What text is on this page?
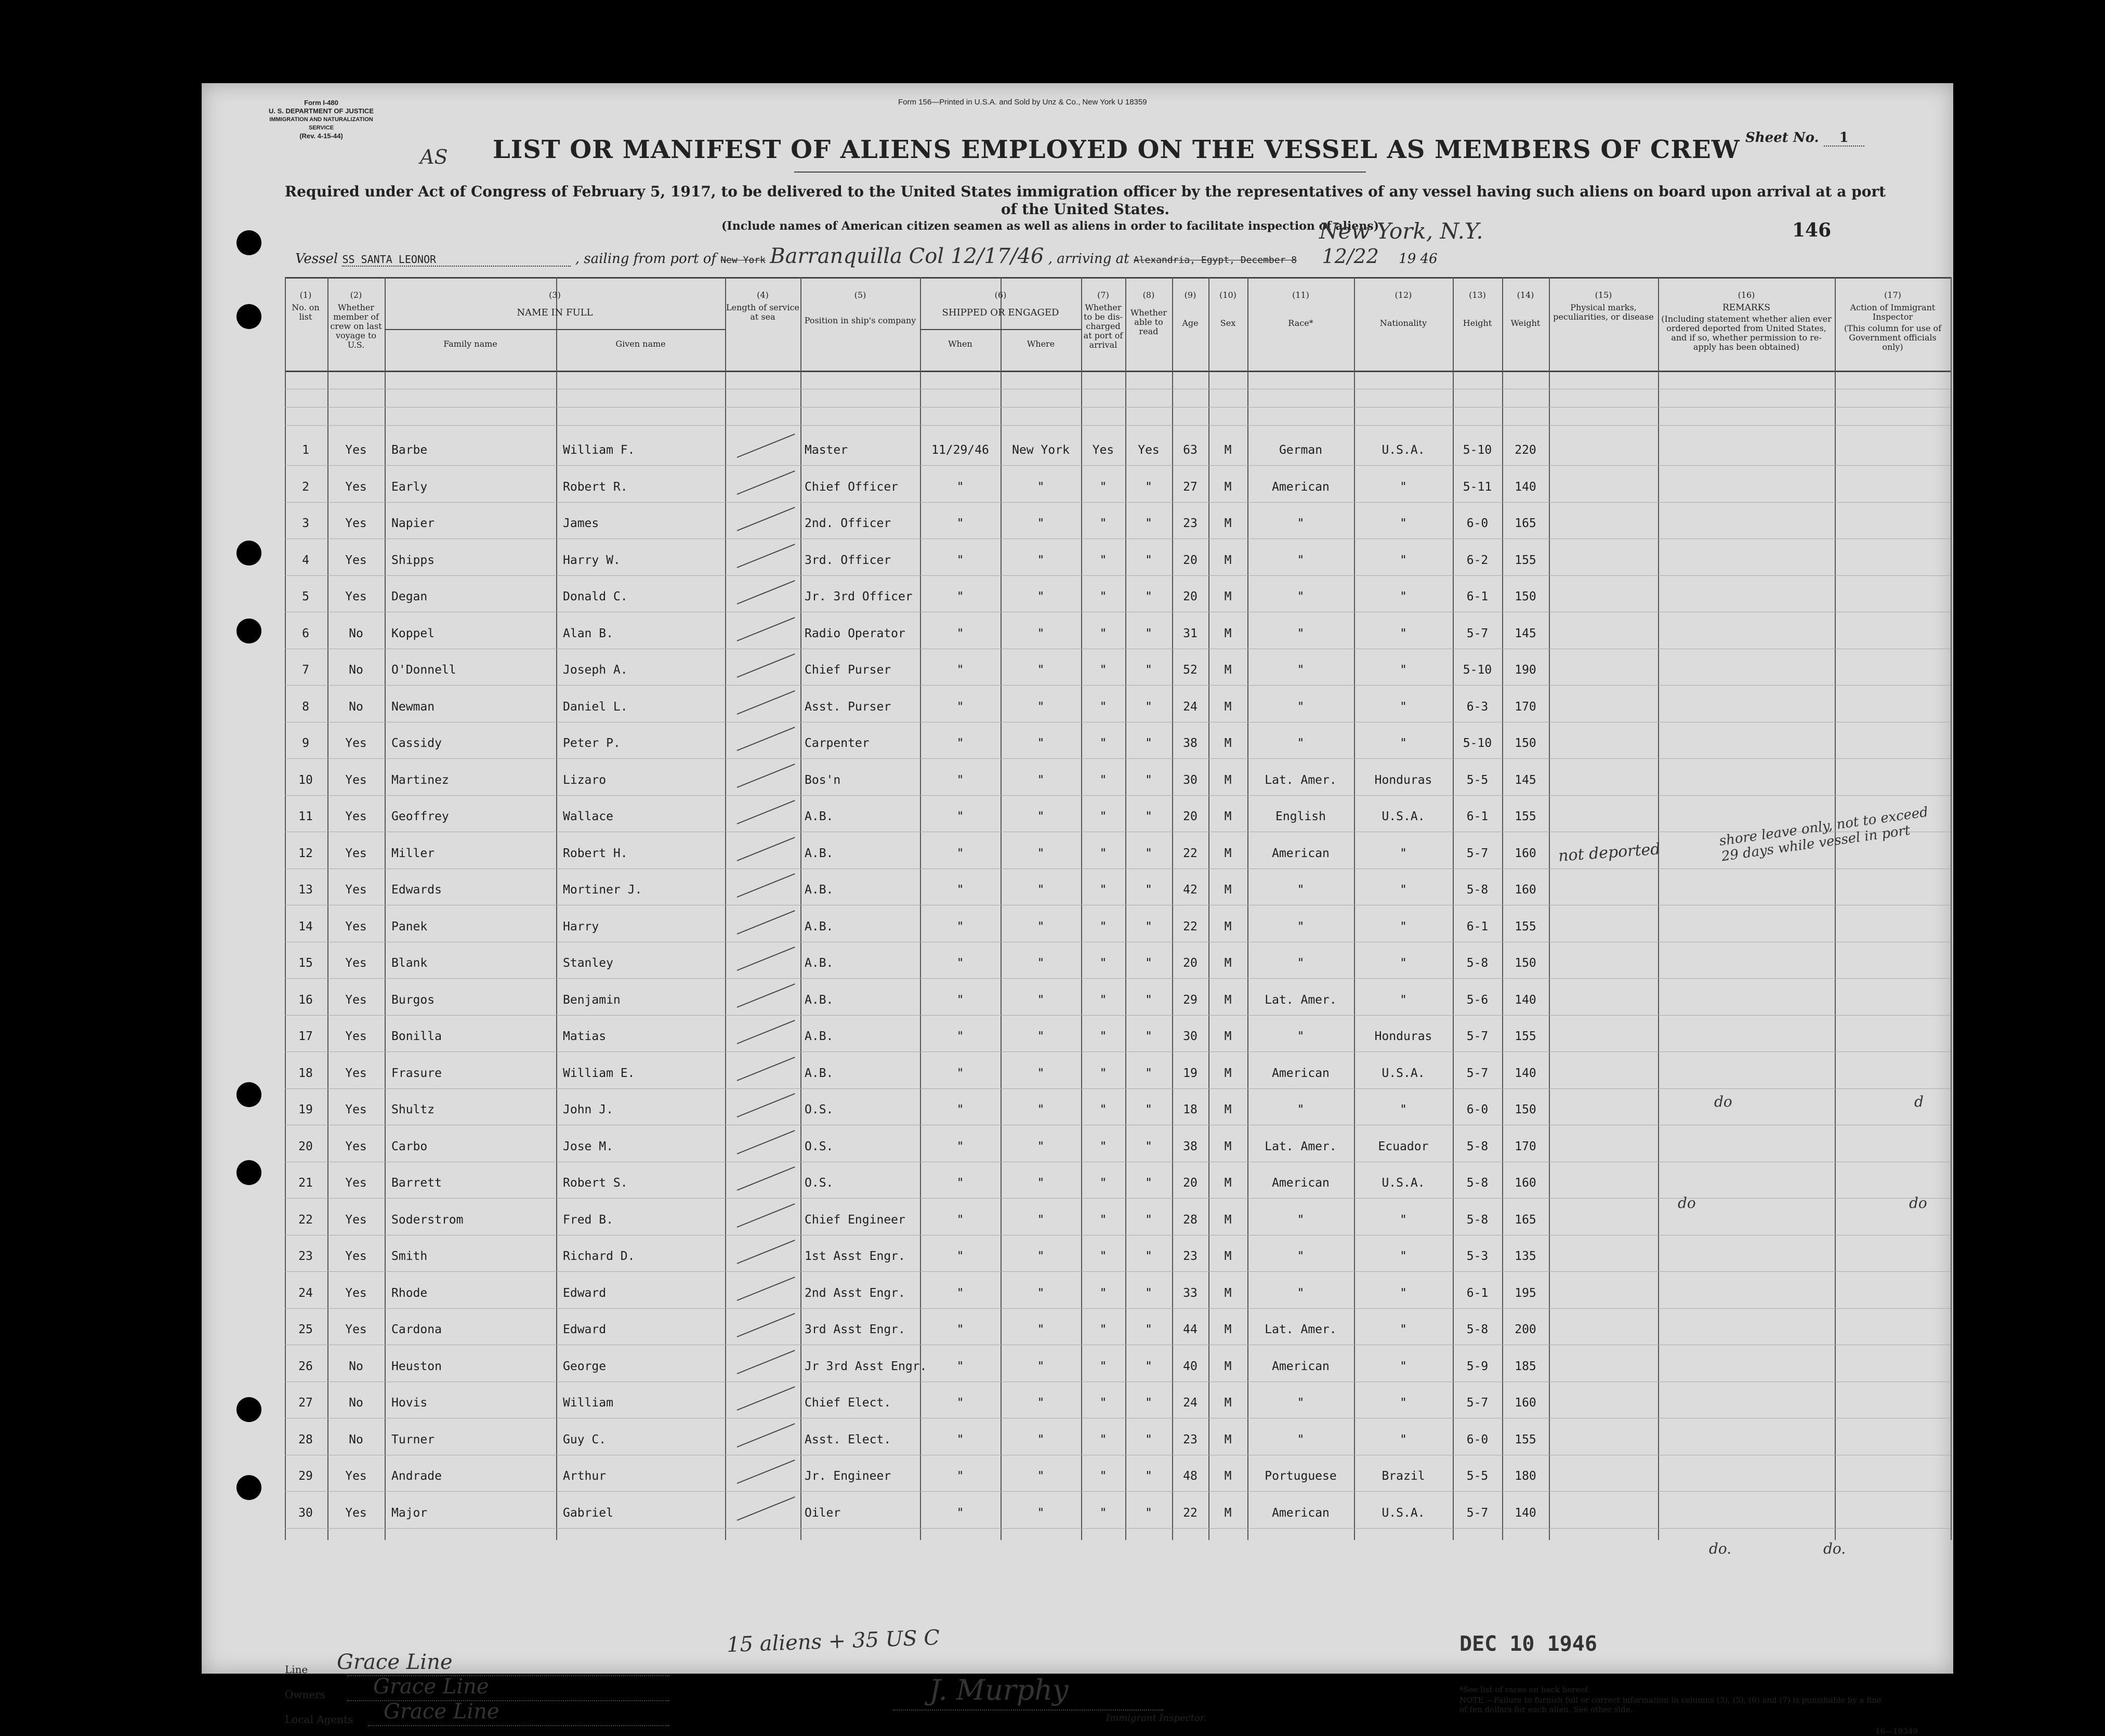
Form I-480
U. S. DEPARTMENT OF JUSTICE
IMMIGRATION AND NATURALIZATION SERVICE
(Rev. 4-15-44)
Form 156—Printed in U.S.A. and Sold by Unz & Co., New York U 18359
Sheet No. 1
AS LIST OR MANIFEST OF ALIENS EMPLOYED ON THE VESSEL AS MEMBERS OF CREW
Required under Act of Congress of February 5, 1917, to be delivered to the United States immigration officer by the representatives of any vessel having such aliens on board upon arrival at a port of the United States.
(Include names of American citizen seamen as well as aliens in order to facilitate inspection of aliens)	146
Vessel SS SANTA LEONOR	, sailing from port of New York Barranquilla Col 12/17/46 , arriving at Alexandria, Egypt, December 8 12/22 19 46
New York, N.Y.
(1)	(2)	(3)	(4)	(5)	(6)	(7)	(8)	(9)	(10)	(11)	(12)	(13)	(14)	(15)	(16)	(17)
No. on list
Whether member of crew on last voyage to U.S.
NAME IN FULL
Family name	Given name
Length of service at sea	Position in ship's company
SHIPPED OR ENGAGED
When	Where
Whether to be dis-charged at port of arrival
Whether able to read
Age	Sex	Race*	Nationality	Height	Weight
Physical marks, peculiarities, or disease
REMARKS
(Including statement whether alien ever ordered deported from United States, and if so, whether permission to re-apply has been obtained)
Action of Immigrant Inspector
(This column for use of Government officials only)
1	Yes	Barbe	William F.	Master	11/29/46	New York	Yes	Yes	63	M	German	U.S.A.	5-10	220
2	Yes	Early	Robert R.	Chief Officer	"	"	"	"	27	M	American	"	5-11	140
3	Yes	Napier	James	2nd. Officer	"	"	"	"	23	M	"	"	6-0	165
4	Yes	Shipps	Harry W.	3rd. Officer	"	"	"	"	20	M	"	"	6-2	155
5	Yes	Degan	Donald C.	Jr. 3rd Officer	"	"	"	"	20	M	"	"	6-1	150
6	No	Koppel	Alan B.	Radio Operator	"	"	"	"	31	M	"	"	5-7	145
7	No	O'Donnell	Joseph A.	Chief Purser	"	"	"	"	52	M	"	"	5-10	190
8	No	Newman	Daniel L.	Asst. Purser	"	"	"	"	24	M	"	"	6-3	170
9	Yes	Cassidy	Peter P.	Carpenter	"	"	"	"	38	M	"	"	5-10	150
10	Yes	Martinez	Lizaro	Bos'n	"	"	"	"	30	M	Lat. Amer.	Honduras	5-5	145
11	Yes	Geoffrey	Wallace	A.B.	"	"	"	"	20	M	English	U.S.A.	6-1	155
12	Yes	Miller	Robert H.	A.B.	"	"	"	"	22	M	American	"	5-7	160
13	Yes	Edwards	Mortiner J.	A.B.	"	"	"	"	42	M	"	"	5-8	160
14	Yes	Panek	Harry	A.B.	"	"	"	"	22	M	"	"	6-1	155
15	Yes	Blank	Stanley	A.B.	"	"	"	"	20	M	"	"	5-8	150
16	Yes	Burgos	Benjamin	A.B.	"	"	"	"	29	M	Lat. Amer.	"	5-6	140
17	Yes	Bonilla	Matias	A.B.	"	"	"	"	30	M	"	Honduras	5-7	155
18	Yes	Frasure	William E.	A.B.	"	"	"	"	19	M	American	U.S.A.	5-7	140
19	Yes	Shultz	John J.	O.S.	"	"	"	"	18	M	"	"	6-0	150
20	Yes	Carbo	Jose M.	O.S.	"	"	"	"	38	M	Lat. Amer.	Ecuador	5-8	170
21	Yes	Barrett	Robert S.	O.S.	"	"	"	"	20	M	American	U.S.A.	5-8	160
22	Yes	Soderstrom	Fred B.	Chief Engineer	"	"	"	"	28	M	"	"	5-8	165
23	Yes	Smith	Richard D.	1st Asst Engr.	"	"	"	"	23	M	"	"	5-3	135
24	Yes	Rhode	Edward	2nd Asst Engr.	"	"	"	"	33	M	"	"	6-1	195
25	Yes	Cardona	Edward	3rd Asst Engr.	"	"	"	"	44	M	Lat. Amer.	"	5-8	200
26	No	Heuston	George	Jr 3rd Asst Engr.	"	"	"	"	40	M	American	"	5-9	185
27	No	Hovis	William	Chief Elect.	"	"	"	"	24	M	"	"	5-7	160
28	No	Turner	Guy C.	Asst. Elect.	"	"	"	"	23	M	"	"	6-0	155
29	Yes	Andrade	Arthur	Jr. Engineer	"	"	"	"	48	M	Portuguese	Brazil	5-5	180
30	Yes	Major	Gabriel	Oiler	"	"	"	"	22	M	American	U.S.A.	5-7	140
not deported
shore leave only, not to exceed 29 days while vessel in port
do	d
do	do
do.	do.
15 aliens + 35 US C	DEC 10 1946
Line Grace Line
Owners Grace Line
Local Agents Grace Line
J. Murphy
Immigrant Inspector.
*See list of races on back hereof.
NOTE.—Failure to furnish full or correct information in columns (3), (5), (6) and (7) is punishable by a fine of ten dollars for each alien. See other side.
16—19349
